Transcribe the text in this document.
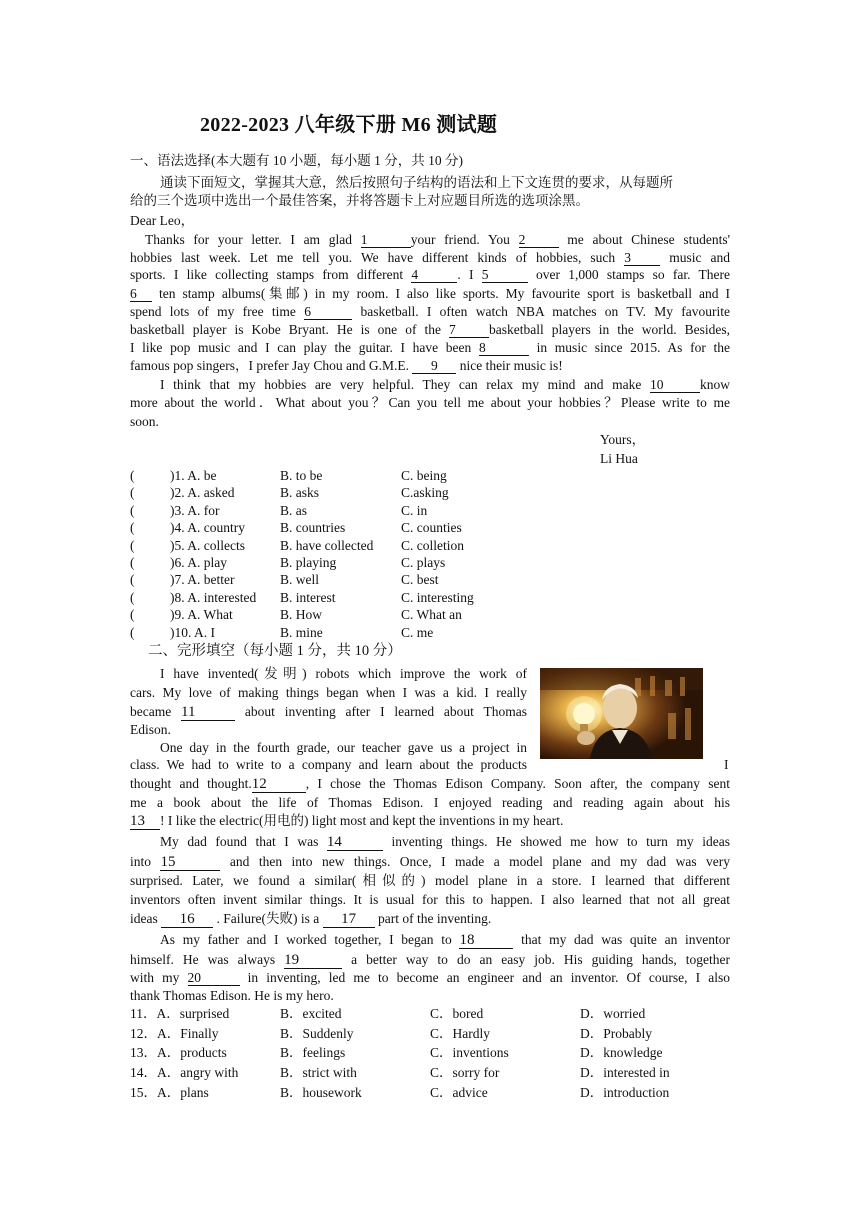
2022-2023 八年级下册 M6 测试题
一、语法选择(本大题有 10 小题，每小题 1 分，共 10 分)
通读下面短文，掌握其大意，然后按照句子结构的语法和上下文连贯的要求，从每题所
给的三个选项中选出一个最佳答案，并将答题卡上对应题目所选的选项涂黑。
Dear Leo，
Thanks for your letter. I am glad 1	your friend. You 2	me about Chinese students'
hobbies last week. Let me tell you. We have different kinds of hobbies, such 3	music and
sports. I like collecting stamps from different 4	. I 5	over 1,000 stamps so far. There
6 ten stamp albums(集邮) in my room. I also like sports. My favourite sport is basketball and I
spend lots of my free time 6	basketball. I often watch NBA matches on TV. My favourite
basketball player is Kobe Bryant. He is one of the 7 basketball players in the world. Besides,
I like pop music and I can play the guitar. I have been 8	in music since 2015. As for the
famous pop singers，I prefer Jay Chou and G.M.E. 9 nice their music is!
I think that my hobbies are very helpful. They can relax my mind and make 10	know
more about the world．What about you？Can you tell me about your hobbies？Please write to me
soon.
Yours，
Li Hua
(	)1. A. be	B. to be	C. being
(	)2. A. asked	B. asks	C.asking
(	)3. A. for	B. as	C. in
(	)4. A. country	B. countries	C. counties
(	)5. A. collects	B. have collected	C. colletion
(	)6. A. play	B. playing	C. plays
(	)7. A. better	B. well	C. best
(	)8. A. interested	B. interest	C. interesting
(	)9. A. What	B. How	C. What an
(	)10. A. I	B. mine	C. me
二、完形填空（每小题 1 分，共 10 分）
I have invented(发明) robots which improve the work of
cars. My love of making things began when I was a kid. I really
became 11	about inventing after I learned about Thomas
Edison.
One day in the fourth grade, our teacher gave us a project in
class. We had to write to a company and learn about the products	I
thought and thought.12	, I chose the Thomas Edison Company. Soon after, the company sent
me a book about the life of Thomas Edison. I enjoyed reading and reading again about his
13 ! I like the electric(用电的) light most and kept the inventions in my heart.
My dad found that I was 14	inventing things. He showed me how to turn my ideas
into 15	and then into new things. Once, I made a model plane and my dad was very
surprised. Later, we found a similar(相似的) model plane in a store. I learned that different
inventors often invent similar things. It is usual for this to happen. I also learned that not all great
ideas 16 . Failure(失败) is a 17 part of the inventing.
As my father and I worked together, I began to 18	that my dad was quite an inventor
himself. He was always 19	a better way to do an easy job. His guiding hands, together
with my 20	in inventing, led me to become an engineer and an inventor. Of course, I also
thank Thomas Edison. He is my hero.
11．A．surprised	B．excited	C．bored	D．worried
12．A．Finally	B．Suddenly	C．Hardly	D．Probably
13．A．products	B．feelings	C．inventions	D．knowledge
14．A．angry with	B．strict with	C．sorry for	D．interested in
15．A．plans	B．housework	C．advice	D．introduction
